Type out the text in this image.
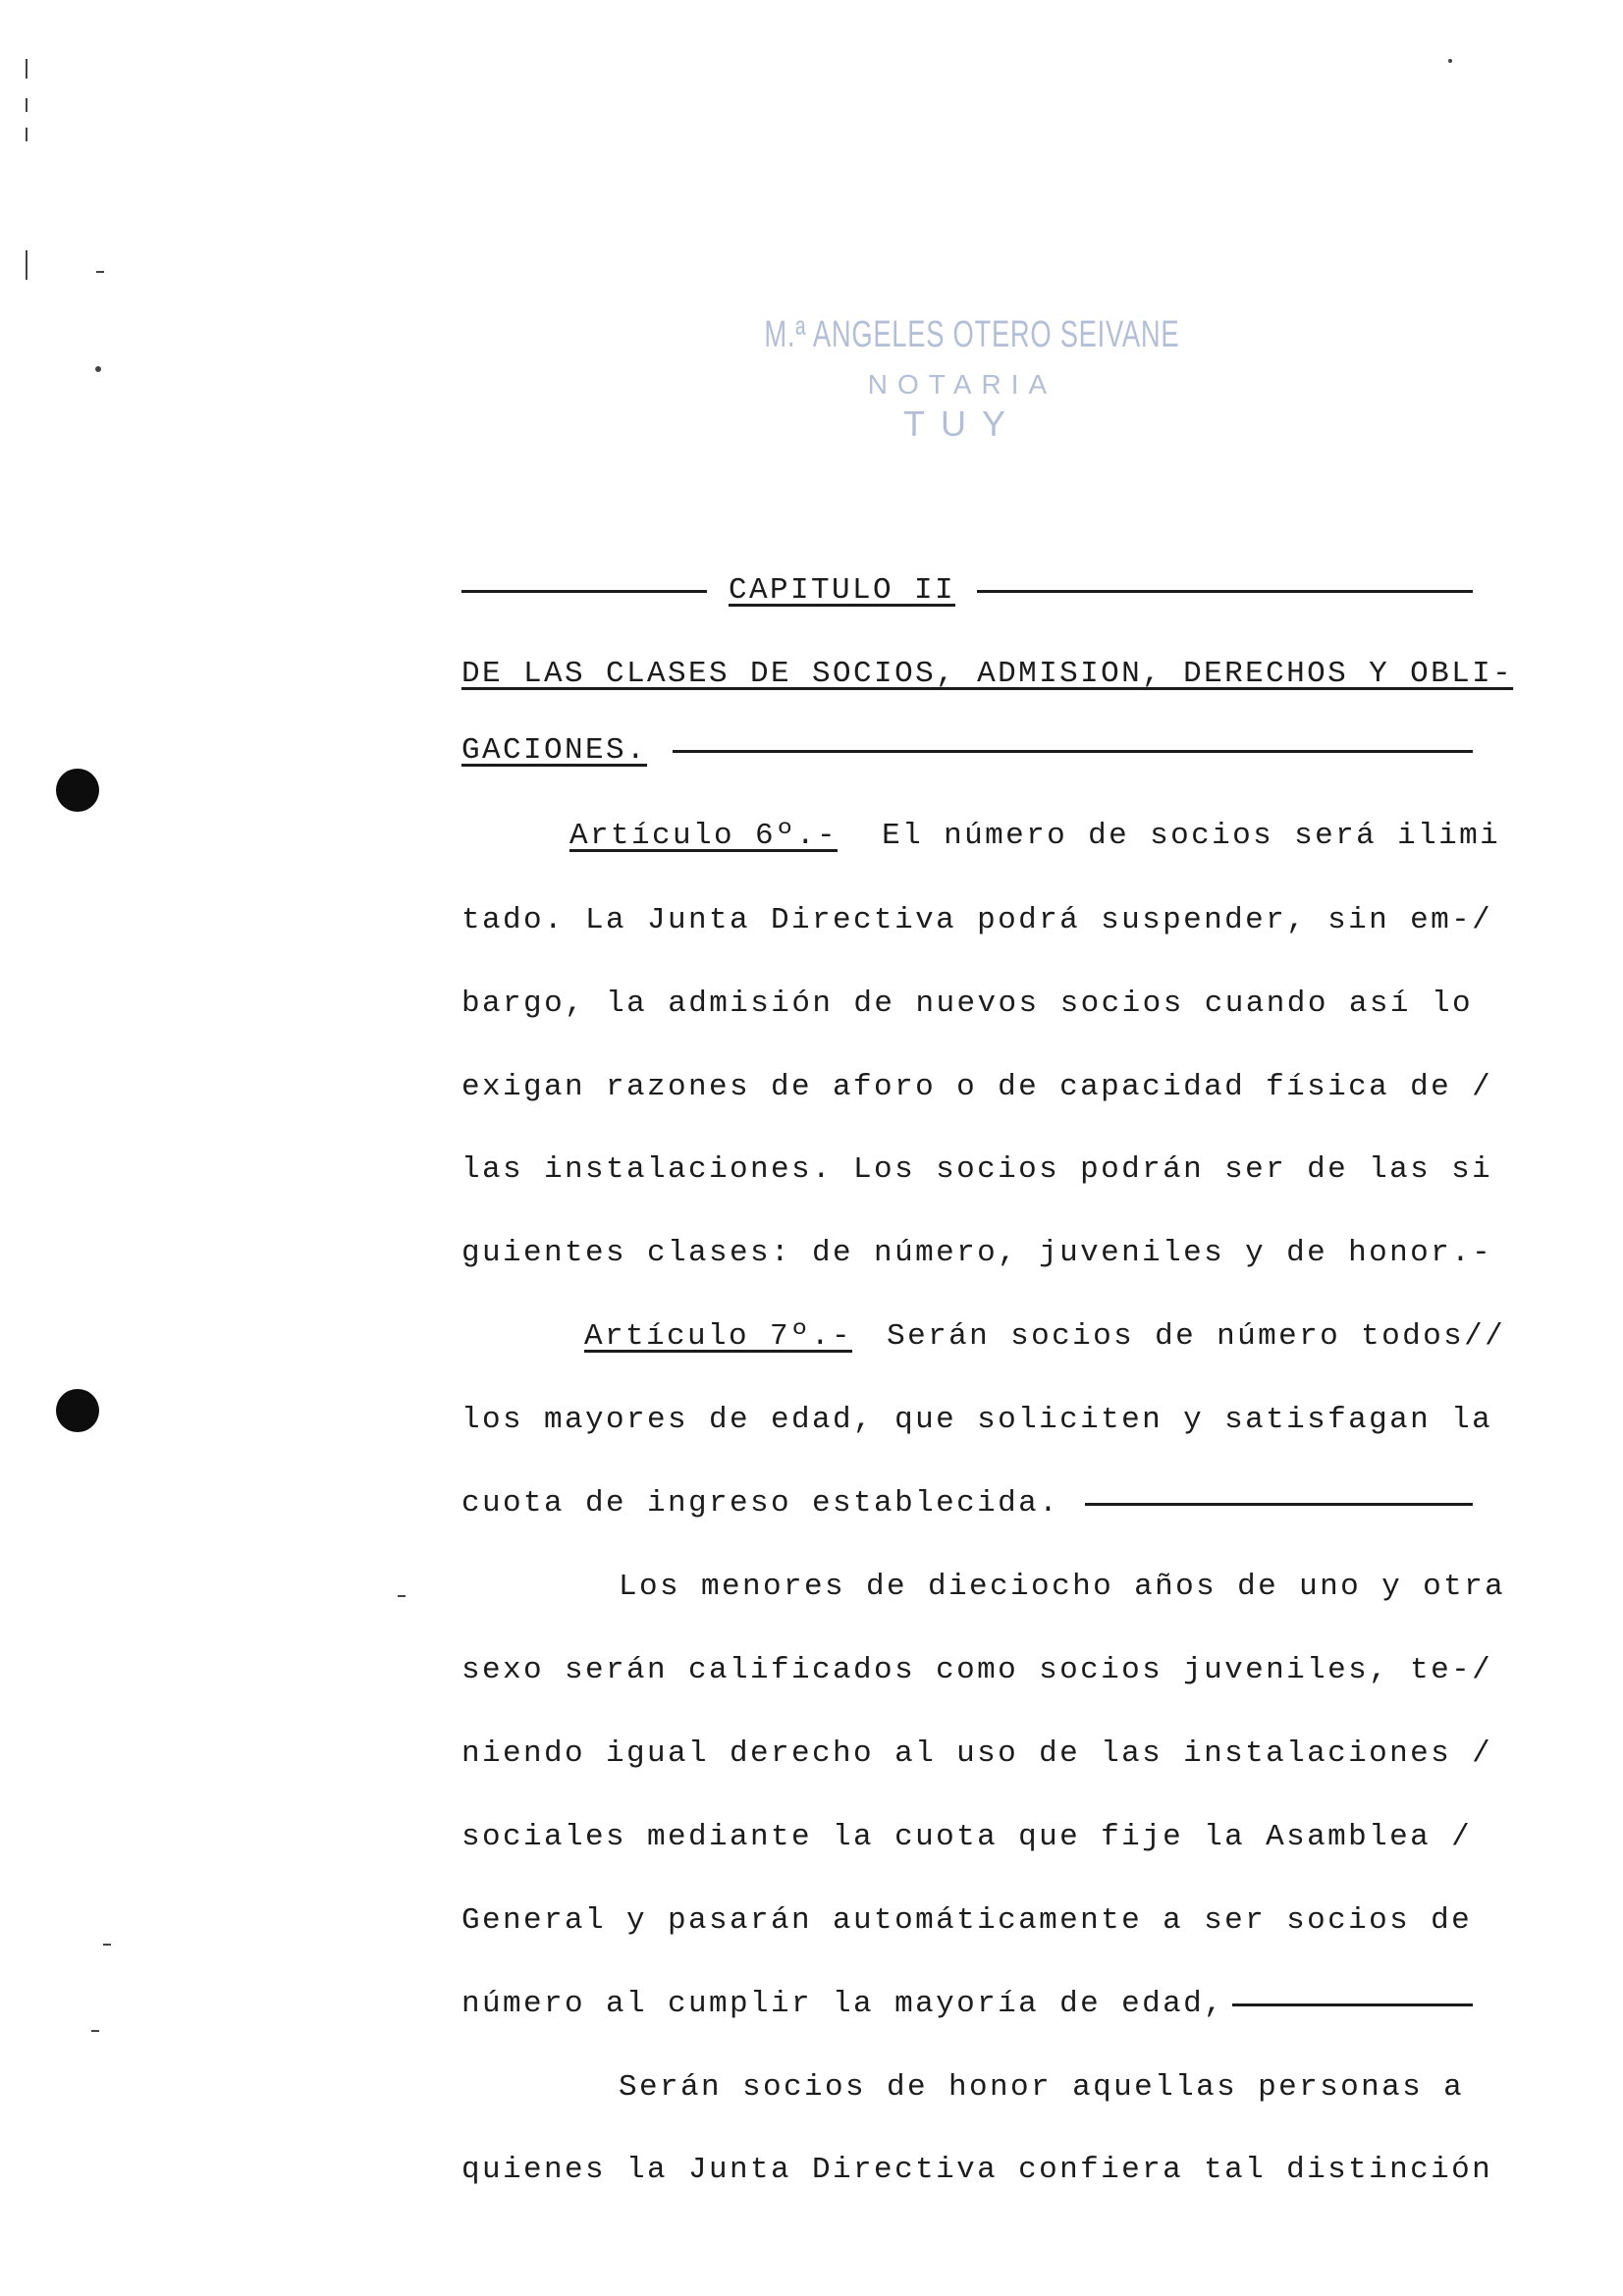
M.ª ANGELES OTERO SEIVANE
NOTARIA
TUY
CAPITULO II
DE LAS CLASES DE SOCIOS, ADMISION, DERECHOS Y OBLI-
GACIONES.
Artículo 6º.- El número de socios será ilimi
tado. La Junta Directiva podrá suspender, sin em-/
bargo, la admisión de nuevos socios cuando así lo
exigan razones de aforo o de capacidad física de /
las instalaciones. Los socios podrán ser de las si
guientes clases: de número, juveniles y de honor.-
Artículo 7º.- Serán socios de número todos//
los mayores de edad, que soliciten y satisfagan la
cuota de ingreso establecida.
Los menores de dieciocho años de uno y otra
sexo serán calificados como socios juveniles, te-/
niendo igual derecho al uso de las instalaciones /
sociales mediante la cuota que fije la Asamblea /
General y pasarán automáticamente a ser socios de
número al cumplir la mayoría de edad,
Serán socios de honor aquellas personas a
quienes la Junta Directiva confiera tal distinción
